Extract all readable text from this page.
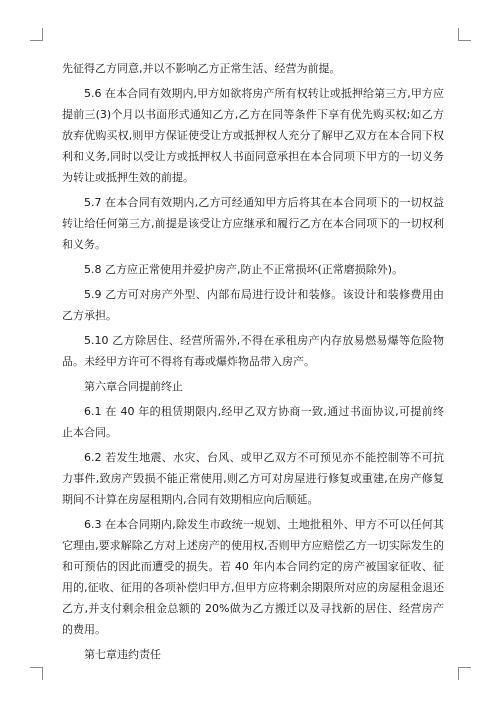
先征得乙方同意,并以不影响乙方正常生活、经营为前提。

5.6 在本合同有效期内,甲方如欲将房产所有权转让或抵押给第三方,甲方应提前三(3)个月以书面形式通知乙方,乙方在同等条件下享有优先购买权;如乙方放弃优购买权,则甲方保证使受让方或抵押权人充分了解甲乙双方在本合同下权利和义务,同时以受让方或抵押权人书面同意承担在本合同项下甲方的一切义务为转让或抵押生效的前提。

5.7 在本合同有效期内,乙方可经通知甲方后将其在本合同项下的一切权益转让给任何第三方,前提是该受让方应继承和履行乙方在本合同项下的一切权利和义务。

5.8 乙方应正常使用并爱护房产,防止不正常损坏(正常磨损除外)。

5.9 乙方可对房产外型、内部布局进行设计和装修。该设计和装修费用由乙方承担。

5.10 乙方除居住、经营所需外,不得在承租房产内存放易燃易爆等危险物品。未经甲方许可不得将有毒或爆炸物品带入房产。

第六章合同提前终止

6.1 在 40 年的租赁期限内,经甲乙双方协商一致,通过书面协议,可提前终止本合同。

6.2 若发生地震、水灾、台风、或甲乙双方不可预见亦不能控制等不可抗力事件,致房产毁损不能正常使用,则乙方可对房屋进行修复或重建,在房产修复期间不计算在房屋租期内,合同有效期相应向后顺延。

6.3 在本合同期内,除发生市政统一规划、土地批租外、甲方不可以任何其它理由,要求解除乙方对上述房产的使用权,否则甲方应赔偿乙方一切实际发生的和可预估的因此而遭受的损失。若 40 年内本合同约定的房产被国家征收、征用的,征收、征用的各项补偿归甲方,但甲方应将剩余期限所对应的房屋租金退还乙方,并支付剩余租金总额的 20%做为乙方搬迁以及寻找新的居住、经营房产的费用。

第七章违约责任
